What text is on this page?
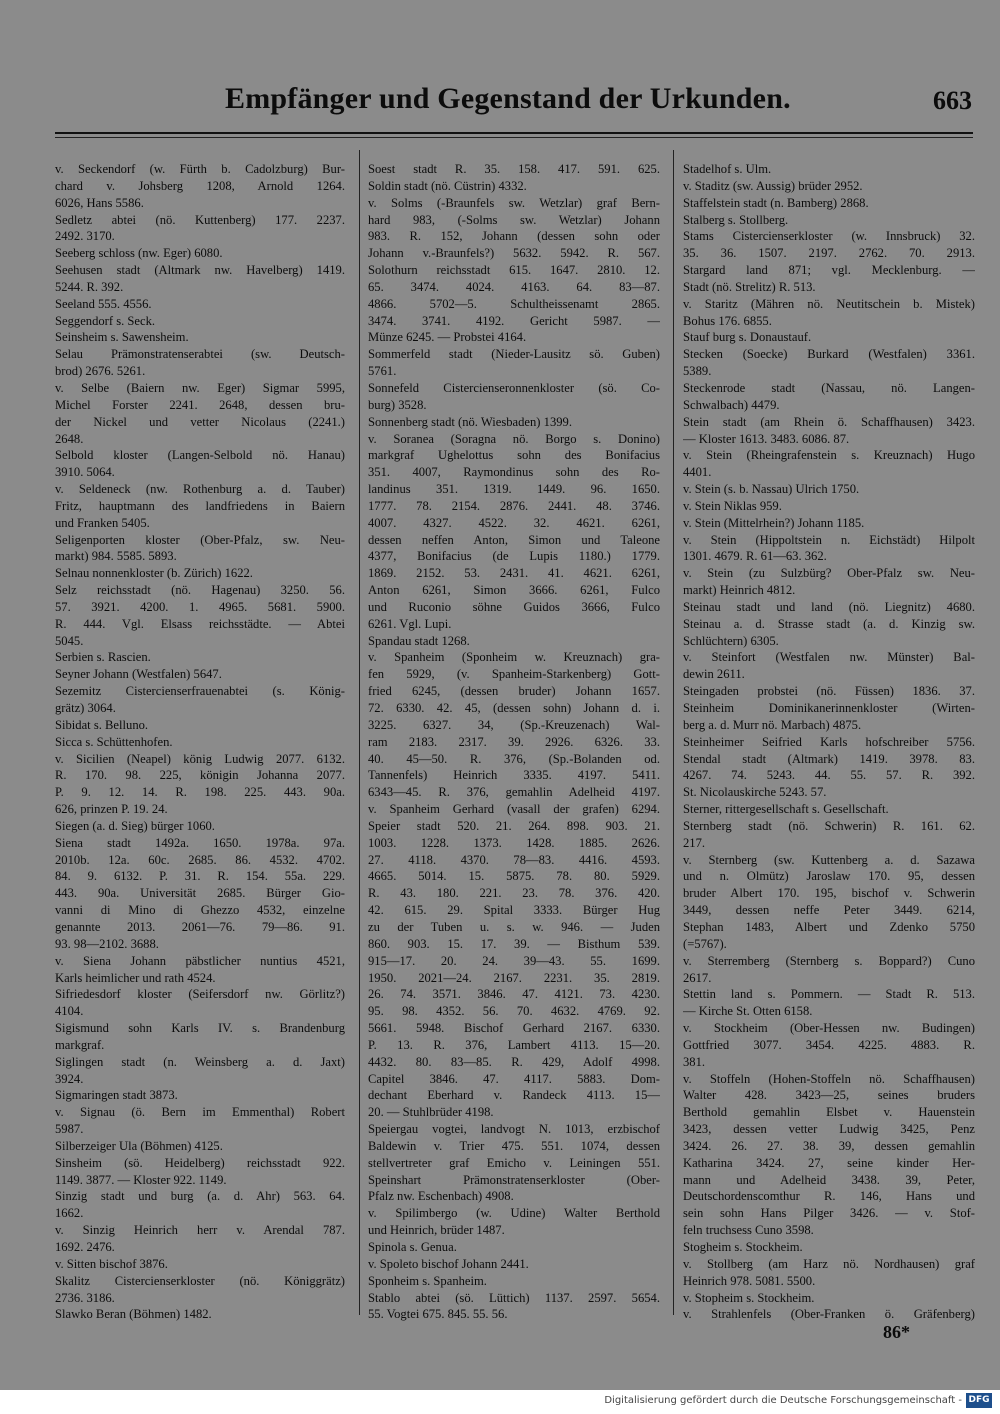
Empfänger und Gegenstand der Urkunden.	663
v. Seckendorf (w. Fürth b. Cadolzburg) Bur-
chard v. Johsberg 1208, Arnold 1264.
6026, Hans 5586.
Sedletz abtei (nö. Kuttenberg) 177. 2237.
2492. 3170.
Seeberg schloss (nw. Eger) 6080.
Seehusen stadt (Altmark nw. Havelberg) 1419.
5244. R. 392.
Seeland 555. 4556.
Seggendorf s. Seck.
Seinsheim s. Sawensheim.
Selau Prämonstratenserabtei (sw. Deutsch-
brod) 2676. 5261.
v. Selbe (Baiern nw. Eger) Sigmar 5995,
Michel Forster 2241. 2648, dessen bru-
der Nickel und vetter Nicolaus (2241.)
2648.
Selbold kloster (Langen-Selbold nö. Hanau)
3910. 5064.
v. Seldeneck (nw. Rothenburg a. d. Tauber)
Fritz, hauptmann des landfriedens in Baiern
und Franken 5405.
Seligenporten kloster (Ober-Pfalz, sw. Neu-
markt) 984. 5585. 5893.
Selnau nonnenkloster (b. Zürich) 1622.
Selz reichsstadt (nö. Hagenau) 3250. 56.
57. 3921. 4200. 1. 4965. 5681. 5900.
R. 444. Vgl. Elsass reichsstädte. — Abtei
5045.
Serbien s. Rascien.
Seyner Johann (Westfalen) 5647.
Sezemitz Cistercienserfrauenabtei (s. König-
grätz) 3064.
Sibidat s. Belluno.
Sicca s. Schüttenhofen.
v. Sicilien (Neapel) könig Ludwig 2077. 6132.
R. 170. 98. 225, königin Johanna 2077.
P. 9. 12. 14. R. 198. 225. 443. 90a.
626, prinzen P. 19. 24.
Siegen (a. d. Sieg) bürger 1060.
Siena stadt 1492a. 1650. 1978a. 97a.
2010b. 12a. 60c. 2685. 86. 4532. 4702.
84. 9. 6132. P. 31. R. 154. 55a. 229.
443. 90a. Universität 2685. Bürger Gio-
vanni di Mino di Ghezzo 4532, einzelne
genannte 2013. 2061—76. 79—86. 91.
93. 98—2102. 3688.
v. Siena Johann päbstlicher nuntius 4521,
Karls heimlicher und rath 4524.
Sifriedesdorf kloster (Seifersdorf nw. Görlitz?)
4104.
Sigismund sohn Karls IV. s. Brandenburg
markgraf.
Siglingen stadt (n. Weinsberg a. d. Jaxt)
3924.
Sigmaringen stadt 3873.
v. Signau (ö. Bern im Emmenthal) Robert
5987.
Silberzeiger Ula (Böhmen) 4125.
Sinsheim (sö. Heidelberg) reichsstadt 922.
1149. 3877. — Kloster 922. 1149.
Sinzig stadt und burg (a. d. Ahr) 563. 64.
1662.
v. Sinzig Heinrich herr v. Arendal 787.
1692. 2476.
v. Sitten bischof 3876.
Skalitz Cistercienserkloster (nö. Königgrätz)
2736. 3186.
Slawko Beran (Böhmen) 1482.
Soest stadt R. 35. 158. 417. 591. 625.
Soldin stadt (nö. Cüstrin) 4332.
v. Solms (-Braunfels sw. Wetzlar) graf Bern-
hard 983, (-Solms sw. Wetzlar) Johann
983. R. 152, Johann (dessen sohn oder
Johann v.-Braunfels?) 5632. 5942. R. 567.
Solothurn reichsstadt 615. 1647. 2810. 12.
65. 3474. 4024. 4163. 64. 83—87.
4866. 5702—5. Schultheissenamt 2865.
3474. 3741. 4192. Gericht 5987. —
Münze 6245. — Probstei 4164.
Sommerfeld stadt (Nieder-Lausitz sö. Guben)
5761.
Sonnefeld Cistercienseronnenkloster (sö. Co-
burg) 3528.
Sonnenberg stadt (nö. Wiesbaden) 1399.
v. Soranea (Soragna nö. Borgo s. Donino)
markgraf Ughelottus sohn des Bonifacius
351. 4007, Raymondinus sohn des Ro-
landinus 351. 1319. 1449. 96. 1650.
1777. 78. 2154. 2876. 2441. 48. 3746.
4007. 4327. 4522. 32. 4621. 6261,
dessen neffen Anton, Simon und Taleone
4377, Bonifacius (de Lupis 1180.) 1779.
1869. 2152. 53. 2431. 41. 4621. 6261,
Anton 6261, Simon 3666. 6261, Fulco
und Ruconio söhne Guidos 3666, Fulco
6261. Vgl. Lupi.
Spandau stadt 1268.
v. Spanheim (Sponheim w. Kreuznach) gra-
fen 5929, (v. Spanheim-Starkenberg) Gott-
fried 6245, (dessen bruder) Johann 1657.
72. 6330. 42. 45, (dessen sohn) Johann d. i.
3225. 6327. 34, (Sp.-Kreuzenach) Wal-
ram 2183. 2317. 39. 2926. 6326. 33.
40. 45—50. R. 376, (Sp.-Bolanden od.
Tannenfels) Heinrich 3335. 4197. 5411.
6343—45. R. 376, gemahlin Adelheid 4197.
v. Spanheim Gerhard (vasall der grafen) 6294.
Speier stadt 520. 21. 264. 898. 903. 21.
1003. 1228. 1373. 1428. 1885. 2626.
27. 4118. 4370. 78—83. 4416. 4593.
4665. 5014. 15. 5875. 78. 80. 5929.
R. 43. 180. 221. 23. 78. 376. 420.
42. 615. 29. Spital 3333. Bürger Hug
zu der Tuben u. s. w. 946. — Juden
860. 903. 15. 17. 39. — Bisthum 539.
915—17. 20. 24. 39—43. 55. 1699.
1950. 2021—24. 2167. 2231. 35. 2819.
26. 74. 3571. 3846. 47. 4121. 73. 4230.
95. 98. 4352. 56. 70. 4632. 4769. 92.
5661. 5948. Bischof Gerhard 2167. 6330.
P. 13. R. 376, Lambert 4113. 15—20.
4432. 80. 83—85. R. 429, Adolf 4998.
Capitel 3846. 47. 4117. 5883. Dom-
dechant Eberhard v. Randeck 4113. 15—
20. — Stuhlbrüder 4198.
Speiergau vogtei, landvogt N. 1013, erzbischof
Baldewin v. Trier 475. 551. 1074, dessen
stellvertreter graf Emicho v. Leiningen 551.
Speinshart Prämonstratenserkloster (Ober-
Pfalz nw. Eschenbach) 4908.
v. Spilimbergo (w. Udine) Walter Berthold
und Heinrich, brüder 1487.
Spinola s. Genua.
v. Spoleto bischof Johann 2441.
Sponheim s. Spanheim.
Stablo abtei (sö. Lüttich) 1137. 2597. 5654.
55. Vogtei 675. 845. 55. 56.
Stadelhof s. Ulm.
v. Staditz (sw. Aussig) brüder 2952.
Staffelstein stadt (n. Bamberg) 2868.
Stalberg s. Stollberg.
Stams Cistercienserkloster (w. Innsbruck) 32.
35. 36. 1507. 2197. 2762. 70. 2913.
Stargard land 871; vgl. Mecklenburg. —
Stadt (nö. Strelitz) R. 513.
v. Staritz (Mähren nö. Neutitschein b. Mistek)
Bohus 176. 6855.
Stauf burg s. Donaustauf.
Stecken (Soecke) Burkard (Westfalen) 3361.
5389.
Steckenrode stadt (Nassau, nö. Langen-
Schwalbach) 4479.
Stein stadt (am Rhein ö. Schaffhausen) 3423.
— Kloster 1613. 3483. 6086. 87.
v. Stein (Rheingrafenstein s. Kreuznach) Hugo
4401.
v. Stein (s. b. Nassau) Ulrich 1750.
v. Stein Niklas 959.
v. Stein (Mittelrhein?) Johann 1185.
v. Stein (Hippoltstein n. Eichstädt) Hilpolt
1301. 4679. R. 61—63. 362.
v. Stein (zu Sulzbürg? Ober-Pfalz sw. Neu-
markt) Heinrich 4812.
Steinau stadt und land (nö. Liegnitz) 4680.
Steinau a. d. Strasse stadt (a. d. Kinzig sw.
Schlüchtern) 6305.
v. Steinfort (Westfalen nw. Münster) Bal-
dewin 2611.
Steingaden probstei (nö. Füssen) 1836. 37.
Steinheim Dominikanerinnenkloster (Wirten-
berg a. d. Murr nö. Marbach) 4875.
Steinheimer Seifried Karls hofschreiber 5756.
Stendal stadt (Altmark) 1419. 3978. 83.
4267. 74. 5243. 44. 55. 57. R. 392.
St. Nicolauskirche 5243. 57.
Sterner, rittergesellschaft s. Gesellschaft.
Sternberg stadt (nö. Schwerin) R. 161. 62.
217.
v. Sternberg (sw. Kuttenberg a. d. Sazawa
und n. Olmütz) Jaroslaw 170. 95, dessen
bruder Albert 170. 195, bischof v. Schwerin
3449, dessen neffe Peter 3449. 6214,
Stephan 1483, Albert und Zdenko 5750
(=5767).
v. Sterremberg (Sternberg s. Boppard?) Cuno
2617.
Stettin land s. Pommern. — Stadt R. 513.
— Kirche St. Otten 6158.
v. Stockheim (Ober-Hessen nw. Budingen)
Gottfried 3077. 3454. 4225. 4883. R.
381.
v. Stoffeln (Hohen-Stoffeln nö. Schaffhausen)
Walter 428. 3423—25, seines bruders
Berthold gemahlin Elsbet v. Hauenstein
3423, dessen vetter Ludwig 3425, Penz
3424. 26. 27. 38. 39, dessen gemahlin
Katharina 3424. 27, seine kinder Her-
mann und Adelheid 3438. 39, Peter,
Deutschordenscomthur R. 146, Hans und
sein sohn Hans Pilger 3426. — v. Stof-
feln truchsess Cuno 3598.
Stogheim s. Stockheim.
v. Stollberg (am Harz nö. Nordhausen) graf
Heinrich 978. 5081. 5500.
v. Stopheim s. Stockheim.
v. Strahlenfels (Ober-Franken ö. Gräfenberg)
86*
Digitalisierung gefördert durch die Deutsche Forschungsgemeinschaft - DFG
